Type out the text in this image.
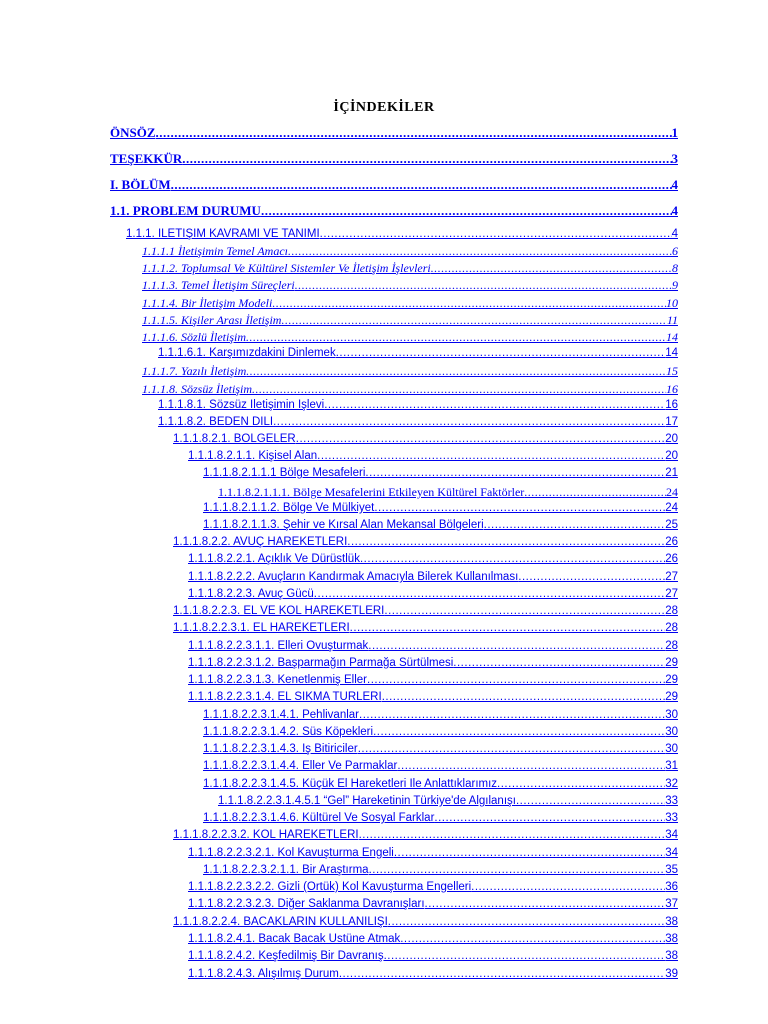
İÇİNDEKİLER
ÖNSÖZ .....	1
TEŞEKKÜR .....	3
I. BÖLÜM .....	4
1.1. PROBLEM DURUMU .....	4
1.1.1. İLETİŞİM KAVRAMI VE TANIMI .....	4
1.1.1.1 İletişimin Temel Amacı .....	6
1.1.1.2. Toplumsal Ve Kültürel Sistemler Ve İletişim İşlevleri .....	8
1.1.1.3. Temel İletişim Süreçleri .....	9
1.1.1.4. Bir İletişim Modeli .....	10
1.1.1.5. Kişiler Arası İletişim .....	11
1.1.1.6. Sözlü İletişim .....	14
1.1.1.6.1. Karşımızdakini Dinlemek .....	14
1.1.1.7. Yazılı İletişim .....	15
1.1.1.8. Sözsüz İletişim .....	16
1.1.1.8.1. Sözsüz İletişimin İşlevi .....	16
1.1.1.8.2. BEDEN DİLİ .....	17
1.1.1.8.2.1. BÖLGELER .....	20
1.1.1.8.2.1.1. Kişisel Alan .....	20
1.1.1.8.2.1.1.1 Bölge Mesafeleri .....	21
1.1.1.8.2.1.1.1. Bölge Mesafelerini Etkileyen Kültürel Faktörler .....	24
1.1.1.8.2.1.1.2. Bölge Ve Mülkiyet .....	24
1.1.1.8.2.1.1.3. Şehir ve Kırsal Alan Mekansal Bölgeleri .....	25
1.1.1.8.2.2. AVUÇ HAREKETLERİ .....	26
1.1.1.8.2.2.1. Açıklık Ve Dürüstlük .....	26
1.1.1.8.2.2.2. Avuçların Kandırmak Amacıyla Bilerek Kullanılması .....	27
1.1.1.8.2.2.3. Avuç Gücü .....	27
1.1.1.8.2.2.3. EL VE KOL HAREKETLERİ .....	28
1.1.1.8.2.2.3.1. EL HAREKETLERİ .....	28
1.1.1.8.2.2.3.1.1. Elleri Ovuşturmak .....	28
1.1.1.8.2.2.3.1.2. Başparmağın Parmağa Sürtülmesi .....	29
1.1.1.8.2.2.3.1.3. Kenetlenmiş Eller .....	29
1.1.1.8.2.2.3.1.4. EL SIKMA TÜRLERİ .....	29
1.1.1.8.2.2.3.1.4.1. Pehlivanlar .....	30
1.1.1.8.2.2.3.1.4.2. Süs Köpekleri .....	30
1.1.1.8.2.2.3.1.4.3. İş Bitiriciler .....	30
1.1.1.8.2.2.3.1.4.4. Eller Ve Parmaklar .....	31
1.1.1.8.2.2.3.1.4.5. Küçük El Hareketleri İle Anlattıklarımız .....	32
1.1.1.8.2.2.3.1.4.5.1 “Gel” Hareketinin Türkiye'de Algılanışı .....	33
1.1.1.8.2.2.3.1.4.6. Kültürel Ve Sosyal Farklar .....	33
1.1.1.8.2.2.3.2. KOL HAREKETLERİ .....	34
1.1.1.8.2.2.3.2.1. Kol Kavuşturma Engeli .....	34
1.1.1.8.2.2.3.2.1.1. Bir Araştırma .....	35
1.1.1.8.2.2.3.2.2. Gizli (Örtük) Kol Kavuşturma Engelleri .....	36
1.1.1.8.2.2.3.2.3. Diğer Saklanma Davranışları .....	37
1.1.1.8.2.2.4. BACAKLARIN KULLANILIŞI .....	38
1.1.1.8.2.4.1. Bacak Bacak Üstüne Atmak .....	38
1.1.1.8.2.4.2. Keşfedilmiş Bir Davranış .....	38
1.1.1.8.2.4.3. Alışılmış Durum .....	39
